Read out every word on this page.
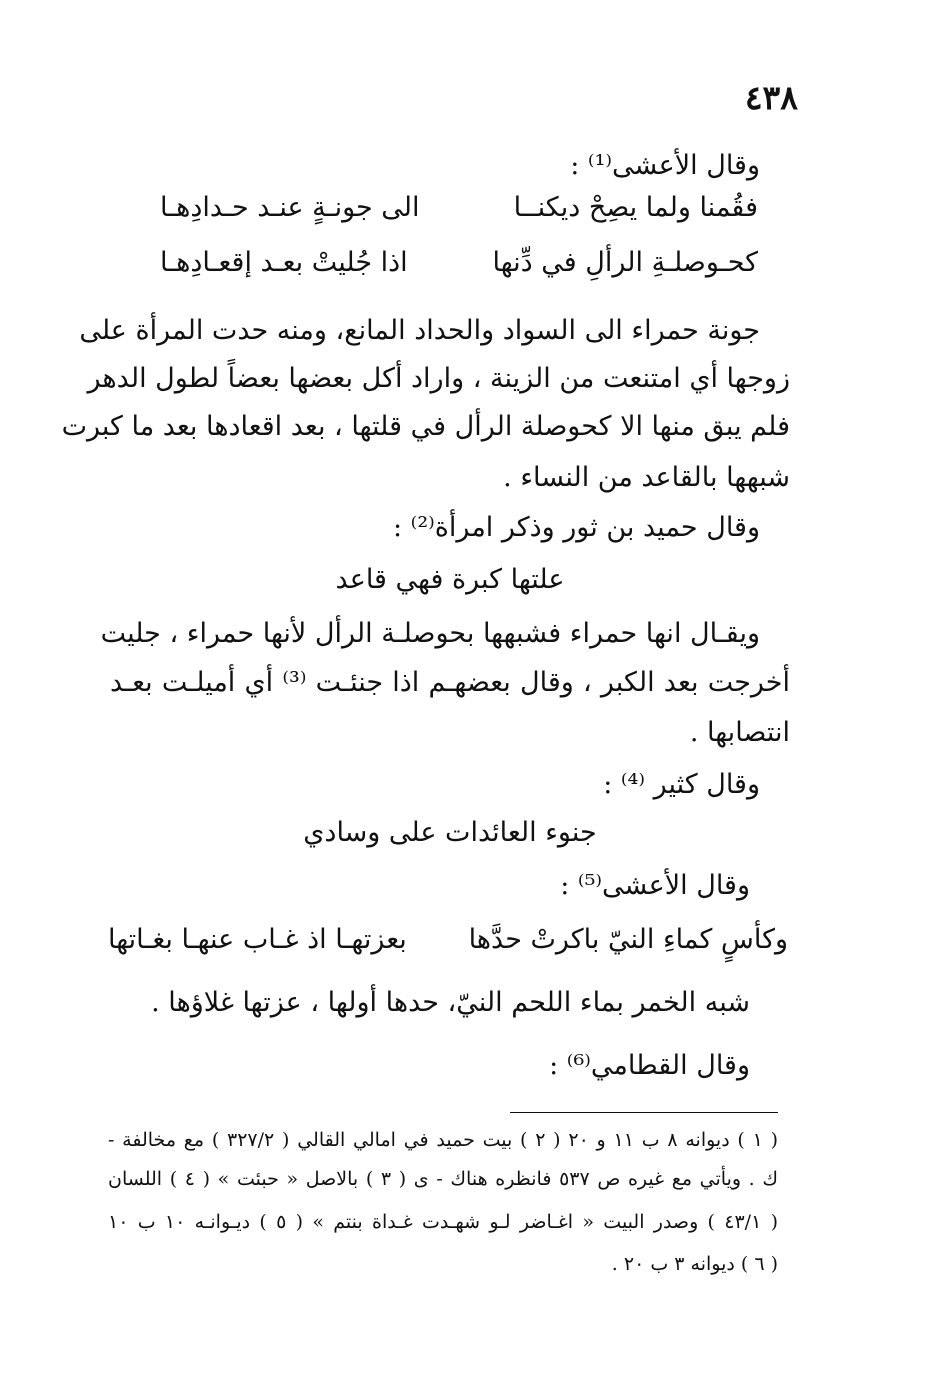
٤٣٨
وقال الأعشى⁽¹⁾ :
فقُمنا ولما يصِحْ ديكنــا
الى جونـةٍ عنـد حـدادِهـا
كحـوصلـةِ الرألِ في دِّنها
اذا جُليتْ بعـد إقعـادِهـا
جونة حمراء الى السواد والحداد المانع، ومنه حدت المرأة على
زوجها أي امتنعت من الزينة ، واراد أكل بعضها بعضاً لطول الدهر
فلم يبق منها الا كحوصلة الرأل في قلتها ، بعد اقعادها بعد ما كبرت
شبهها بالقاعد من النساء .
وقال حميد بن ثور وذكر امرأة⁽²⁾ :
علتها كبرة فهي قاعد
ويقـال انها حمراء فشبهها بحوصلـة الرأل لأنها حمراء ، جليت
أخرجت بعد الكبر ، وقال بعضهـم اذا جنئـت ⁽³⁾ أي أميلـت بعـد
انتصابها .
وقال كثير ⁽⁴⁾ :
جنوء العائدات على وسادي
وقال الأعشى⁽⁵⁾ :
وكأسٍ كماءِ النيّ باكرتْ حدَّها
بعزتهـا اذ غـاب عنهـا بغـاتها
شبه الخمر بماء اللحم النيّ، حدها أولها ، عزتها غلاؤها .
وقال القطامي⁽⁶⁾ :
( ١ ) ديوانه ٨ ب ١١ و ٢٠ ( ٢ ) بيت حميد في امالي القالي ( ٣٢٧/٢ ) مع مخالفة -
ك . ويأتي مع غيره ص ٥٣٧ فانظره هناك - ى ( ٣ ) بالاصل « حبئت » ( ٤ ) اللسان
( ٤٣/١ ) وصدر البيت « اغـاضر لـو شهـدت غـداة بنتم » ( ٥ ) ديـوانـه ١٠ ب ١٠
( ٦ ) ديوانه ٣ ب ٢٠ .
